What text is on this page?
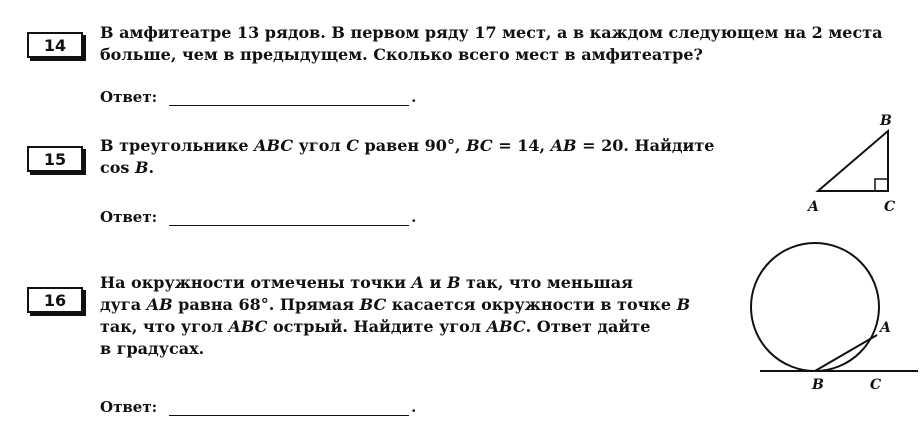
14
В амфитеатре 13 рядов. В первом ряду 17 мест, а в каждом следующем на 2 места
больше, чем в предыдущем. Сколько всего мест в амфитеатре?
Ответ:	.
15
В треугольнике ABC угол C равен 90°, BC = 14, AB = 20. Найдите
cos B.
Ответ:	.
B
A	C
16
На окружности отмечены точки A и B так, что меньшая
дуга AB равна 68°. Прямая BC касается окружности в точке B
так, что угол ABC острый. Найдите угол ABC. Ответ дайте
в градусах.
Ответ:	.
A
B	C
